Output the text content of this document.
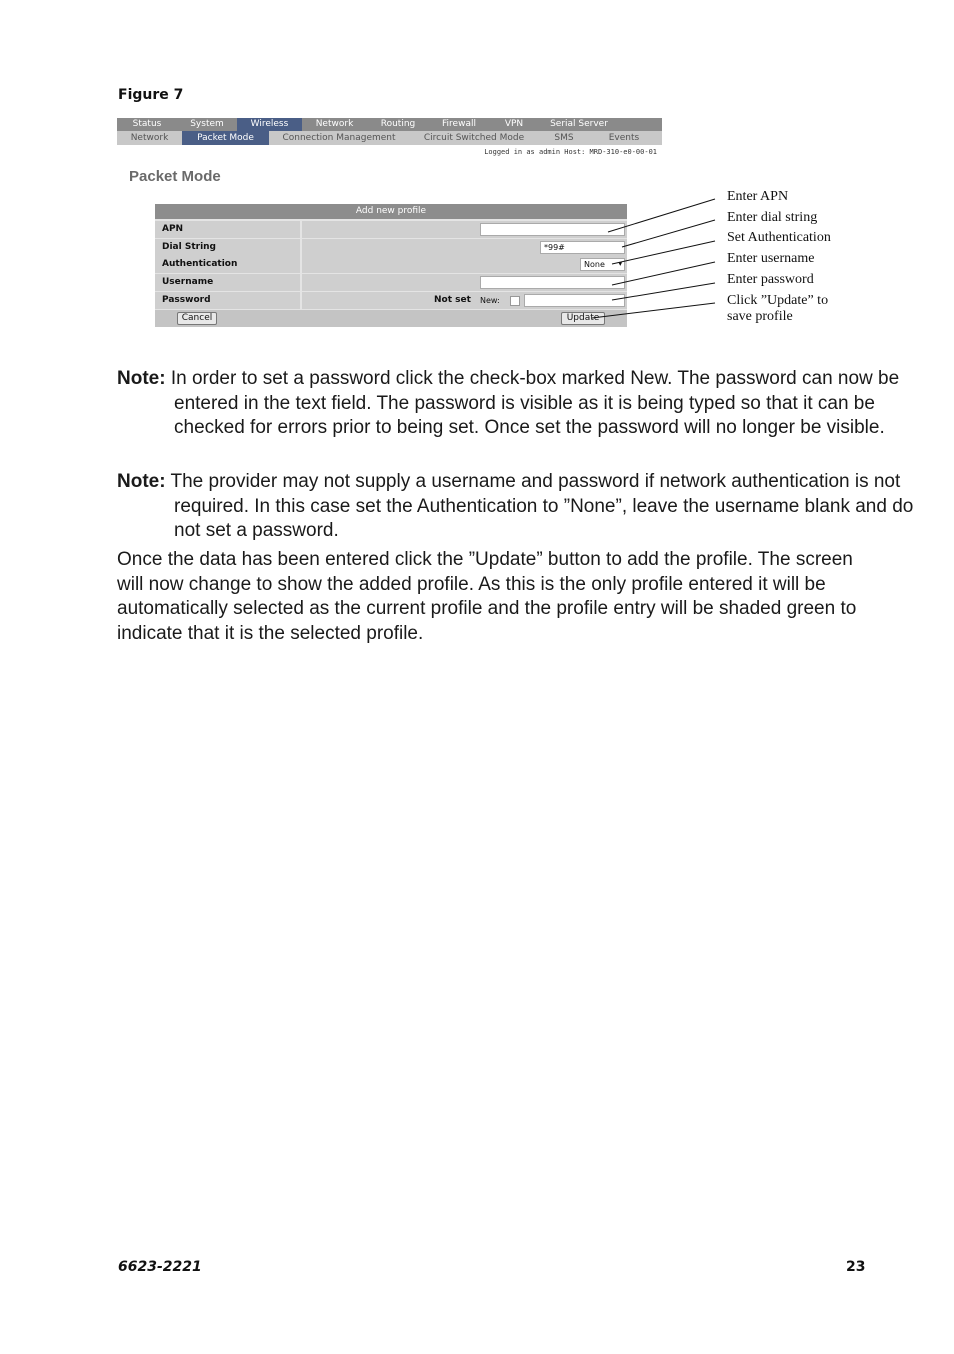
Figure 7
Status	System	Wireless	Network	Routing	Firewall	VPN	Serial Server
Network	Packet Mode	Connection Management	Circuit Switched Mode	SMS	Events
Logged in as admin Host: MRD-310-e0-00-01
Packet Mode
Add new profile
APN
Dial String	*99#
Authentication	None ▾
Username
Password	Not set New:
Cancel	Update
Enter APN
Enter dial string
Set Authentication
Enter username
Enter password
Click ”Update” to
save profile
Note: In order to set a password click the check-box marked New. The password can now be entered in the text field. The password is visible as it is being typed so that it can be checked for errors prior to being set. Once set the password will no longer be visible.
Note: The provider may not supply a username and password if network authentication is not required. In this case set the Authentication to ”None”, leave the username blank and do not set a password.
Once the data has been entered click the ”Update” button to add the profile. The screen will now change to show the added profile. As this is the only profile entered it will be automatically selected as the current profile and the profile entry will be shaded green to indicate that it is the selected profile.
6623-2221	23
